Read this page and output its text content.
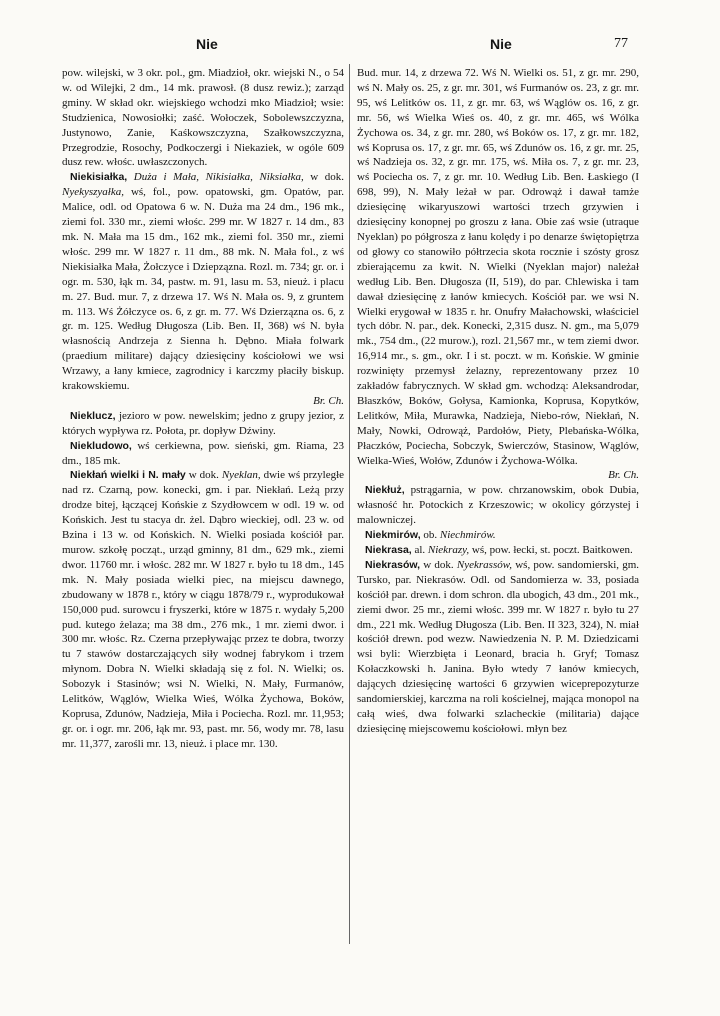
Nie	Nie	77

pow. wilejski, w 3 okr. pol., gm. Miadzioł, okr. wiejski N., o 54 w. od Wilejki, 2 dm., 14 mk. prawosł. (8 dusz rewiz.); zarząd gminy. W skład okr. wiejskiego wchodzi mko Miadzioł; wsie: Studzienica, Nowosiołki; zaść. Wołoczek, Sobolewszczyzna, Justynowo, Zanie, Kaśkowszczyzna, Szałkowszczyzna, Przegrodzie, Rosochy, Podkoczergi i Niekaziek, w ogóle 609 dusz rew. włośc. uwłaszczonych.

Niekisiałka, Duża i Mała, Nikisiałka, Niksiałka, w dok. Nyekyszyałka, wś, fol., pow. opatowski, gm. Opatów, par. Malice, odl. od Opatowa 6 w. N. Duża ma 24 dm., 196 mk., ziemi fol. 330 mr., ziemi włośc. 299 mr. W 1827 r. 14 dm., 83 mk. N. Mała ma 15 dm., 162 mk., ziemi fol. 350 mr., ziemi włośc. 299 mr. W 1827 r. 11 dm., 88 mk. N. Mała fol., z wś Niekisiałka Mała, Żołczyce i Dziерzązna. Rozl. m. 734; gr. or. i ogr. m. 530, łąk m. 34, pastw. m. 91, lasu m. 53, nieuż. i placu m. 27. Bud. mur. 7, z drzewa 17. Wś N. Mała os. 9, z gruntem m. 113. Wś Żółczyce os. 6, z gr. m. 77. Wś Dzierzązna os. 6, z gr. m. 125. Według Długosza (Lib. Ben. II, 368) wś N. była własnością Andrzeja z Sienna h. Dębno. Miała folwark (praedium militare) dający dziesięciny kościołowi we wsi Wrzawy, a łany kmiece, zagrodnicy i karczmy płaciły biskup. krakowskiemu.

Br. Ch.

Nieklucz, jezioro w pow. newelskim; jedno z grupy jezior, z których wypływa rz. Połota, pr. dopływ Dźwiny.

Niekludowo, wś cerkiewna, pow. sieński, gm. Riama, 23 dm., 185 mk.

Niekłań wielki i N. mały w dok. Nyeklan, dwie wś przyległe nad rz. Czarną, pow. konecki, gm. i par. Niekłań. Leżą przy drodze bitej, łączącej Końskie z Szydłowcem w odl. 19 w. od Końskich. Jest tu stacya dr. żel. Dąbro wieckiej, odl. 23 w. od Bzina i 13 w. od Końskich. N. Wielki posiada kościół par. murow. szkołę począt., urząd gminny, 81 dm., 629 mk., ziemi dwor. 11760 mr. i włośc. 282 mr. W 1827 r. było tu 18 dm., 145 mk. N. Mały posiada wielki piec, na miejscu dawnego, zbudowany w 1878 r., który w ciągu 1878/79 r., wyprodukował 150,000 pud. surowcu i fryszerki, które w 1875 r. wydały 5,200 pud. kutego żelaza; ma 38 dm., 276 mk., 1 mr. ziemi dwor. i 300 mr. włośc. Rz. Czerna przepływając przez te dobra, tworzy tu 7 stawów dostarczających siły wodnej fabrykom i trzem młynom. Dobra N. Wielki składają się z fol. N. Wielki; os. Sobozyk i Stasinów; wsi N. Wielki, N. Mały, Furmanów, Lelitków, Wąglów, Wielka Wieś, Wólka Żychowa, Boków, Koprusa, Zdunów, Nadzieja, Miła i Pociecha. Rozl. mr. 11,953; gr. or. i ogr. mr. 206, łąk mr. 93, past. mr. 56, wody mr. 78, lasu mr. 11,377, zarośli mr. 13, nieuż. i place mr. 130.

Bud. mur. 14, z drzewa 72. Wś N. Wielki os. 51, z gr. mr. 290, wś N. Mały os. 25, z gr. mr. 301, wś Furmanów os. 23, z gr. mr. 95, wś Lelitków os. 11, z gr. mr. 63, wś Wąglów os. 16, z gr. mr. 56, wś Wielka Wieś os. 40, z gr. mr. 465, wś Wólka Żychowa os. 34, z gr. mr. 280, wś Boków os. 17, z gr. mr. 182, wś Koprusa os. 17, z gr. mr. 65, wś Zdunów os. 16, z gr. mr. 25, wś Nadzieja os. 32, z gr. mr. 175, wś. Miła os. 7, z gr. mr. 23, wś Pociecha os. 7, z gr. mr. 10. Według Lib. Ben. Łaskiego (I 698, 99), N. Mały leżał w par. Odrowąż i dawał tamże dziesięcinę wikaryuszowi wartości trzech grzywien i dziesięciny konopnej po groszu z łana. Obie zaś wsie (utraque Nyeklan) po półgrosza z łanu kolędy i po denarze świętopiętrza od głowy co stanowiło półtrzecia skota rocznie i szósty grosz zbierającemu za kwit. N. Wielki (Nyeklan major) należał według Lib. Ben. Długosza (II, 519), do par. Chlewiska i tam dawał dziesięcinę z łanów kmiecych. Kościół par. we wsi N. Wielki erygował w 1835 r. hr. Onufry Małachowski, właściciel tych dóbr. N. par., dek. Konecki, 2,315 dusz. N. gm., ma 5,079 mk., 754 dm., (22 murow.), rozl. 21,567 mr., w tem ziemi dwor. 16,914 mr., s. gm., okr. I i st. poczt. w m. Końskie. W gminie rozwinięty przemysł żelazny, reprezentowany przez 10 zakładów fabrycznych. W skład gm. wchodzą: Aleksandrodar, Błaszków, Boków, Gołysa, Kamionka, Koprusa, Kopytków, Lelitków, Miła, Murawka, Nadzieja, Niebo-rów, Niekłań, N. Mały, Nowki, Odrowąż, Pardołów, Piety, Plebańska-Wólka, Płaczków, Pociecha, Sobczyk, Swierczów, Stasinow, Wąglów, Wielka-Wieś, Wołów, Zdunów i Żychowa-Wólka.

Br. Ch.

Niekłuż, pstrągarnia, w pow. chrzanowskim, obok Dubia, własność hr. Potockich z Krzeszowic; w okolicy górzystej i malowniczej.

Niekmirów, ob. Niechmirów.

Niekrasa, al. Niekrazy, wś, pow. łecki, st. poczt. Baitkowen.

Niekrasów, w dok. Nyekrassów, wś, pow. sandomierski, gm. Tursko, par. Niekrasów. Odl. od Sandomierza w. 33, posiada kościół par. drewn. i dom schron. dla ubogich, 43 dm., 201 mk., ziemi dwor. 25 mr., ziemi włośc. 399 mr. W 1827 r. było tu 27 dm., 221 mk. Według Długosza (Lib. Ben. II 323, 324), N. miał kościół drewn. pod wezw. Nawiedzenia N. P. M. Dziedzicami wsi byli: Wierzbięta i Leonard, bracia h. Gryf; Tomasz Kołaczkowski h. Janina. Było wtedy 7 łanów kmiecych, dających dziesięcinę wartości 6 grzywien wiceprepozyturze sandomierskiej, karczma na roli kościelnej, mająca monopol na całą wieś, dwa folwarki szlacheckie (militaria) dające dziesięcinę miejscowemu kościołowi. młyn bez
